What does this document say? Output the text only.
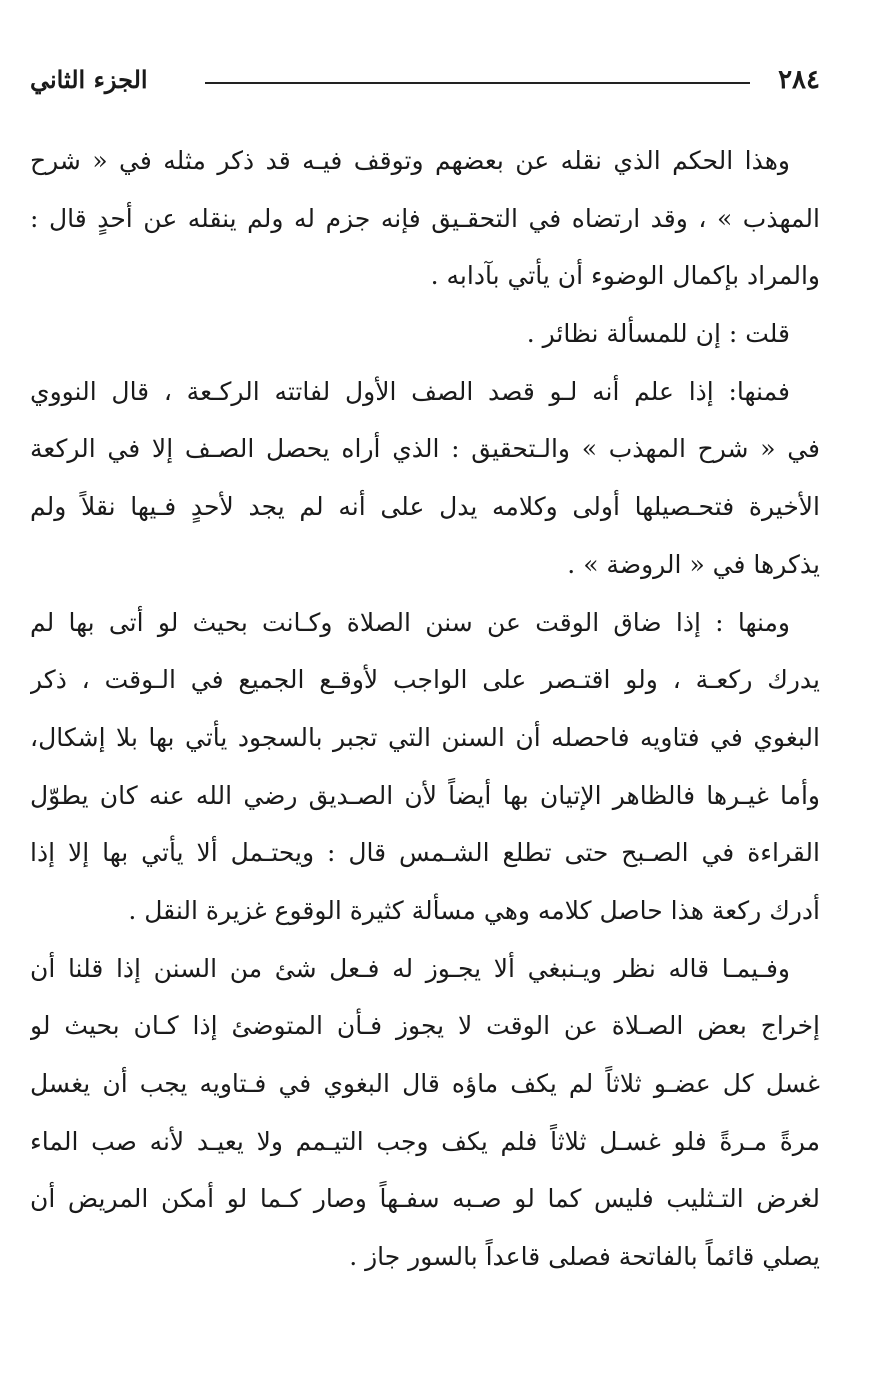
٢٨٤
الجزء الثاني
وهذا الحكم الذي نقله عن بعضهم وتوقف فيـه قد ذكر مثله في « شرح
المهذب » ، وقد ارتضاه في التحقـيق فإنه جزم له ولم ينقله عن أحدٍ قال :
والمراد بإكمال الوضوء أن يأتي بآدابه .
قلت : إن للمسألة نظائر .
فمنها: إذا علم أنه لـو قصد الصف الأول لفاتته الركـعة ، قال النووي
في « شرح المهذب » والـتحقيق : الذي أراه يحصل الصـف إلا في الركعة
الأخيرة فتحـصيلها أولى وكلامه يدل على أنه لم يجد لأحدٍ فـيها نقلاً ولم
يذكرها في « الروضة » .
ومنها : إذا ضاق الوقت عن سنن الصلاة وكـانت بحيث لو أتى بها لم
يدرك ركعـة ، ولو اقتـصر على الواجب لأوقـع الجميع في الـوقت ، ذكر
البغوي في فتاويه فاحصله أن السنن التي تجبر بالسجود يأتي بها بلا إشكال،
وأما غيـرها فالظاهر الإتيان بها أيضاً لأن الصـديق رضي الله عنه كان يطوّل
القراءة في الصـبح حتى تطلع الشـمس قال : ويحتـمل ألا يأتي بها إلا إذا
أدرك ركعة هذا حاصل كلامه وهي مسألة كثيرة الوقوع غزيرة النقل .
وفـيمـا قاله نظر ويـنبغي ألا يجـوز له فـعل شئ من السنن إذا قلنا أن
إخراج بعض الصـلاة عن الوقت لا يجوز فـأن المتوضئ إذا كـان بحيث لو
غسل كل عضـو ثلاثاً لم يكف ماؤه قال البغوي في فـتاويه يجب أن يغسل
مرةً مـرةً فلو غسـل ثلاثاً فلم يكف وجب التيـمم ولا يعيـد لأنه صب الماء
لغرض التـثليب فليس كما لو صـبه سفـهاً وصار كـما لو أمكن المريض أن
يصلي قائماً بالفاتحة فصلى قاعداً بالسور جاز .
